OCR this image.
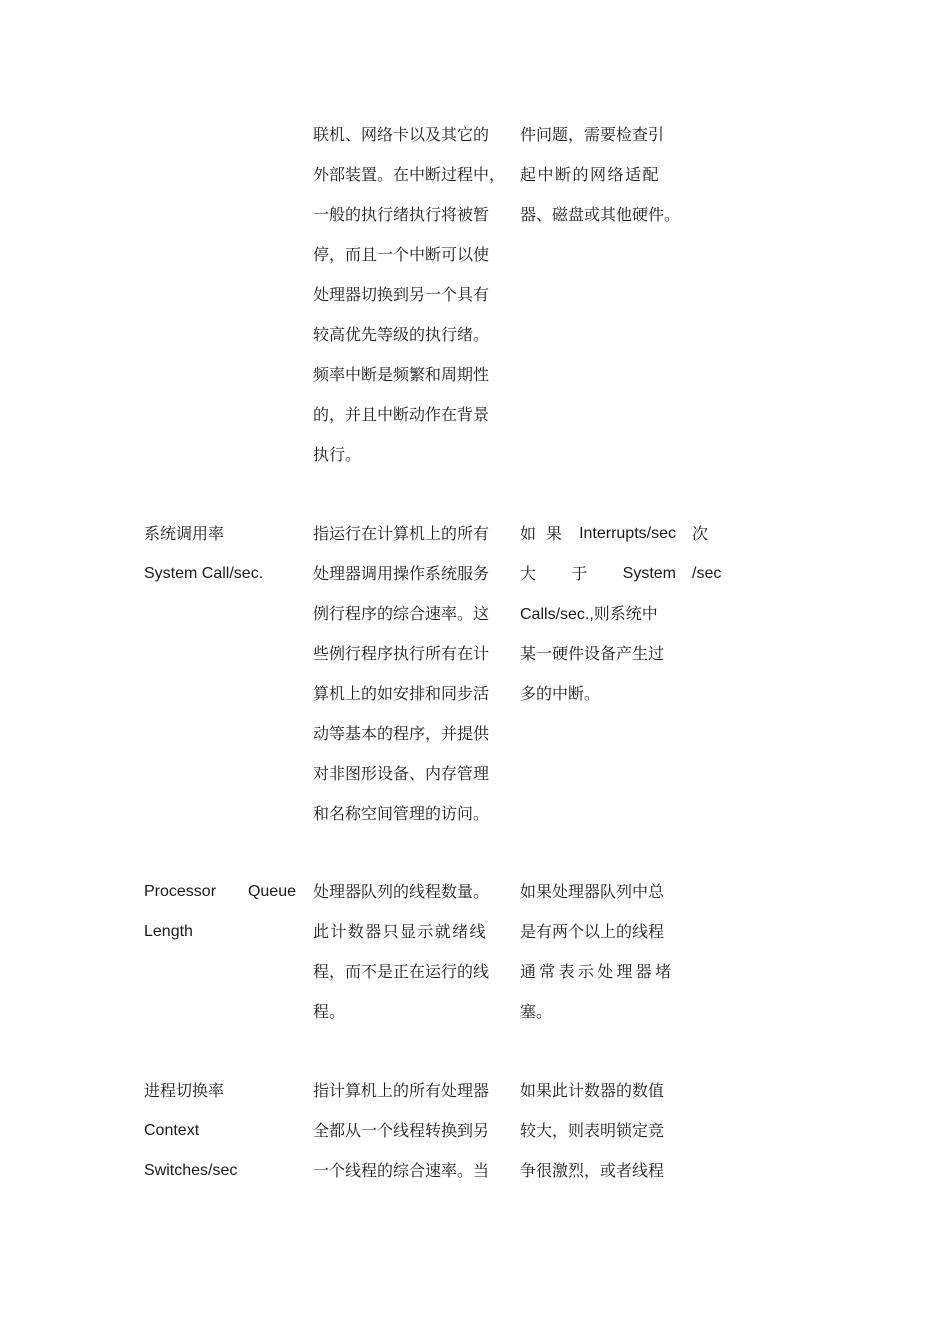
联机、网络卡以及其它的
外部装置。在中断过程中，
一般的执行绪执行将被暂
停，而且一个中断可以使
处理器切换到另一个具有
较高优先等级的执行绪。
频率中断是频繁和周期性
的，并且中断动作在背景
执行。
件问题，需要检查引
起中断的网络适配
器、磁盘或其他硬件。
系统调用率
System Call/sec.
指运行在计算机上的所有
处理器调用操作系统服务
例行程序的综合速率。这
些例行程序执行所有在计
算机上的如安排和同步活
动等基本的程序，并提供
对非图形设备、内存管理
和名称空间管理的访问。
如 果 Interrupts/sec
大 于 System
Calls/sec.,则系统中
某一硬件设备产生过
多的中断。
次
/sec
Processor Queue
Length
处理器队列的线程数量。
此计数器只显示就绪线
程，而不是正在运行的线
程。
如果处理器队列中总
是有两个以上的线程
通常表示处理器堵
塞。
进程切换率
Context
Switches/sec
指计算机上的所有处理器
全都从一个线程转换到另
一个线程的综合速率。当
如果此计数器的数值
较大，则表明锁定竞
争很激烈，或者线程
